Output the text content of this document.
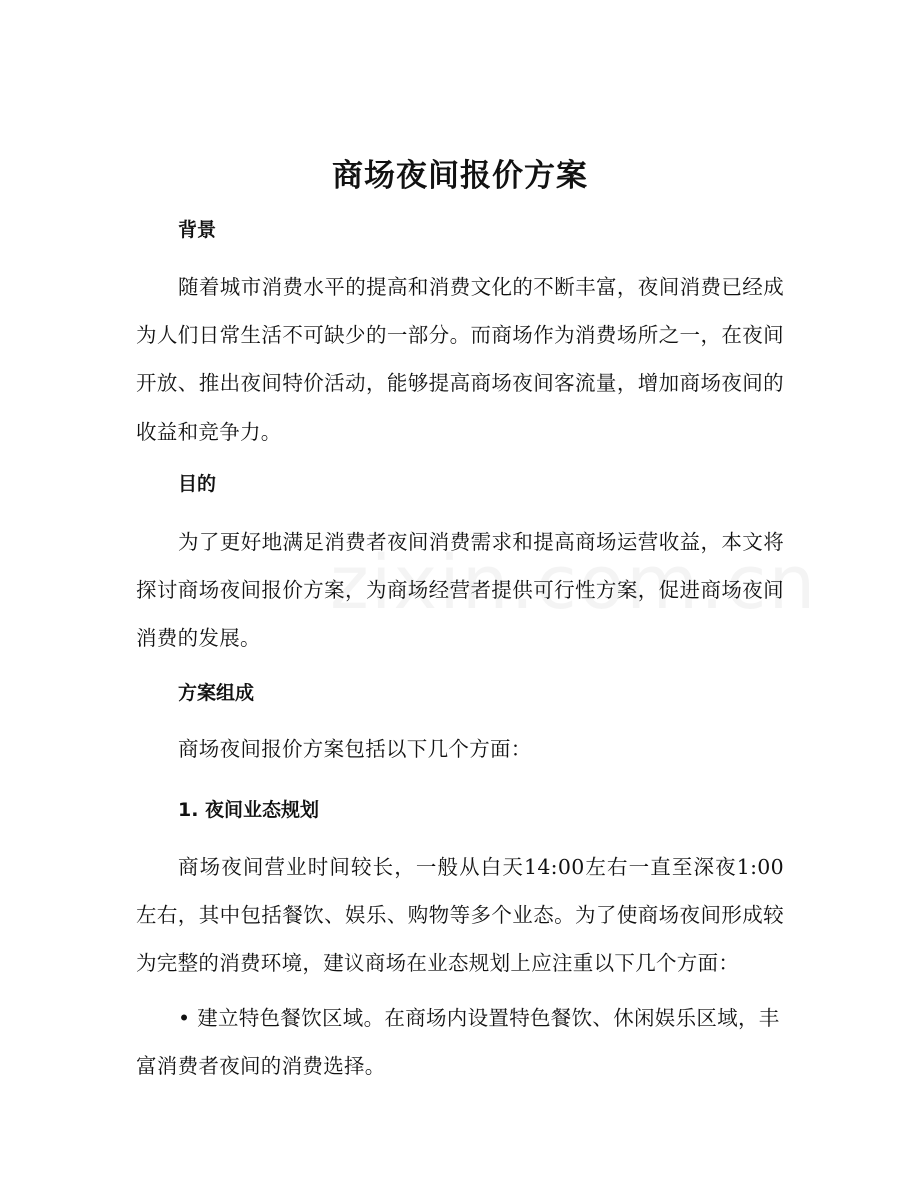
商场夜间报价方案
背景

随着城市消费水平的提高和消费文化的不断丰富，夜间消费已经成为人们日常生活不可缺少的一部分。而商场作为消费场所之一，在夜间开放、推出夜间特价活动，能够提高商场夜间客流量，增加商场夜间的收益和竞争力。

目的

为了更好地满足消费者夜间消费需求和提高商场运营收益，本文将探讨商场夜间报价方案，为商场经营者提供可行性方案，促进商场夜间消费的发展。

方案组成

商场夜间报价方案包括以下几个方面：

1. 夜间业态规划

商场夜间营业时间较长，一般从白天14:00左右一直至深夜1:00左右，其中包括餐饮、娱乐、购物等多个业态。为了使商场夜间形成较为完整的消费环境，建议商场在业态规划上应注重以下几个方面：

• 建立特色餐饮区域。在商场内设置特色餐饮、休闲娱乐区域，丰富消费者夜间的消费选择。
